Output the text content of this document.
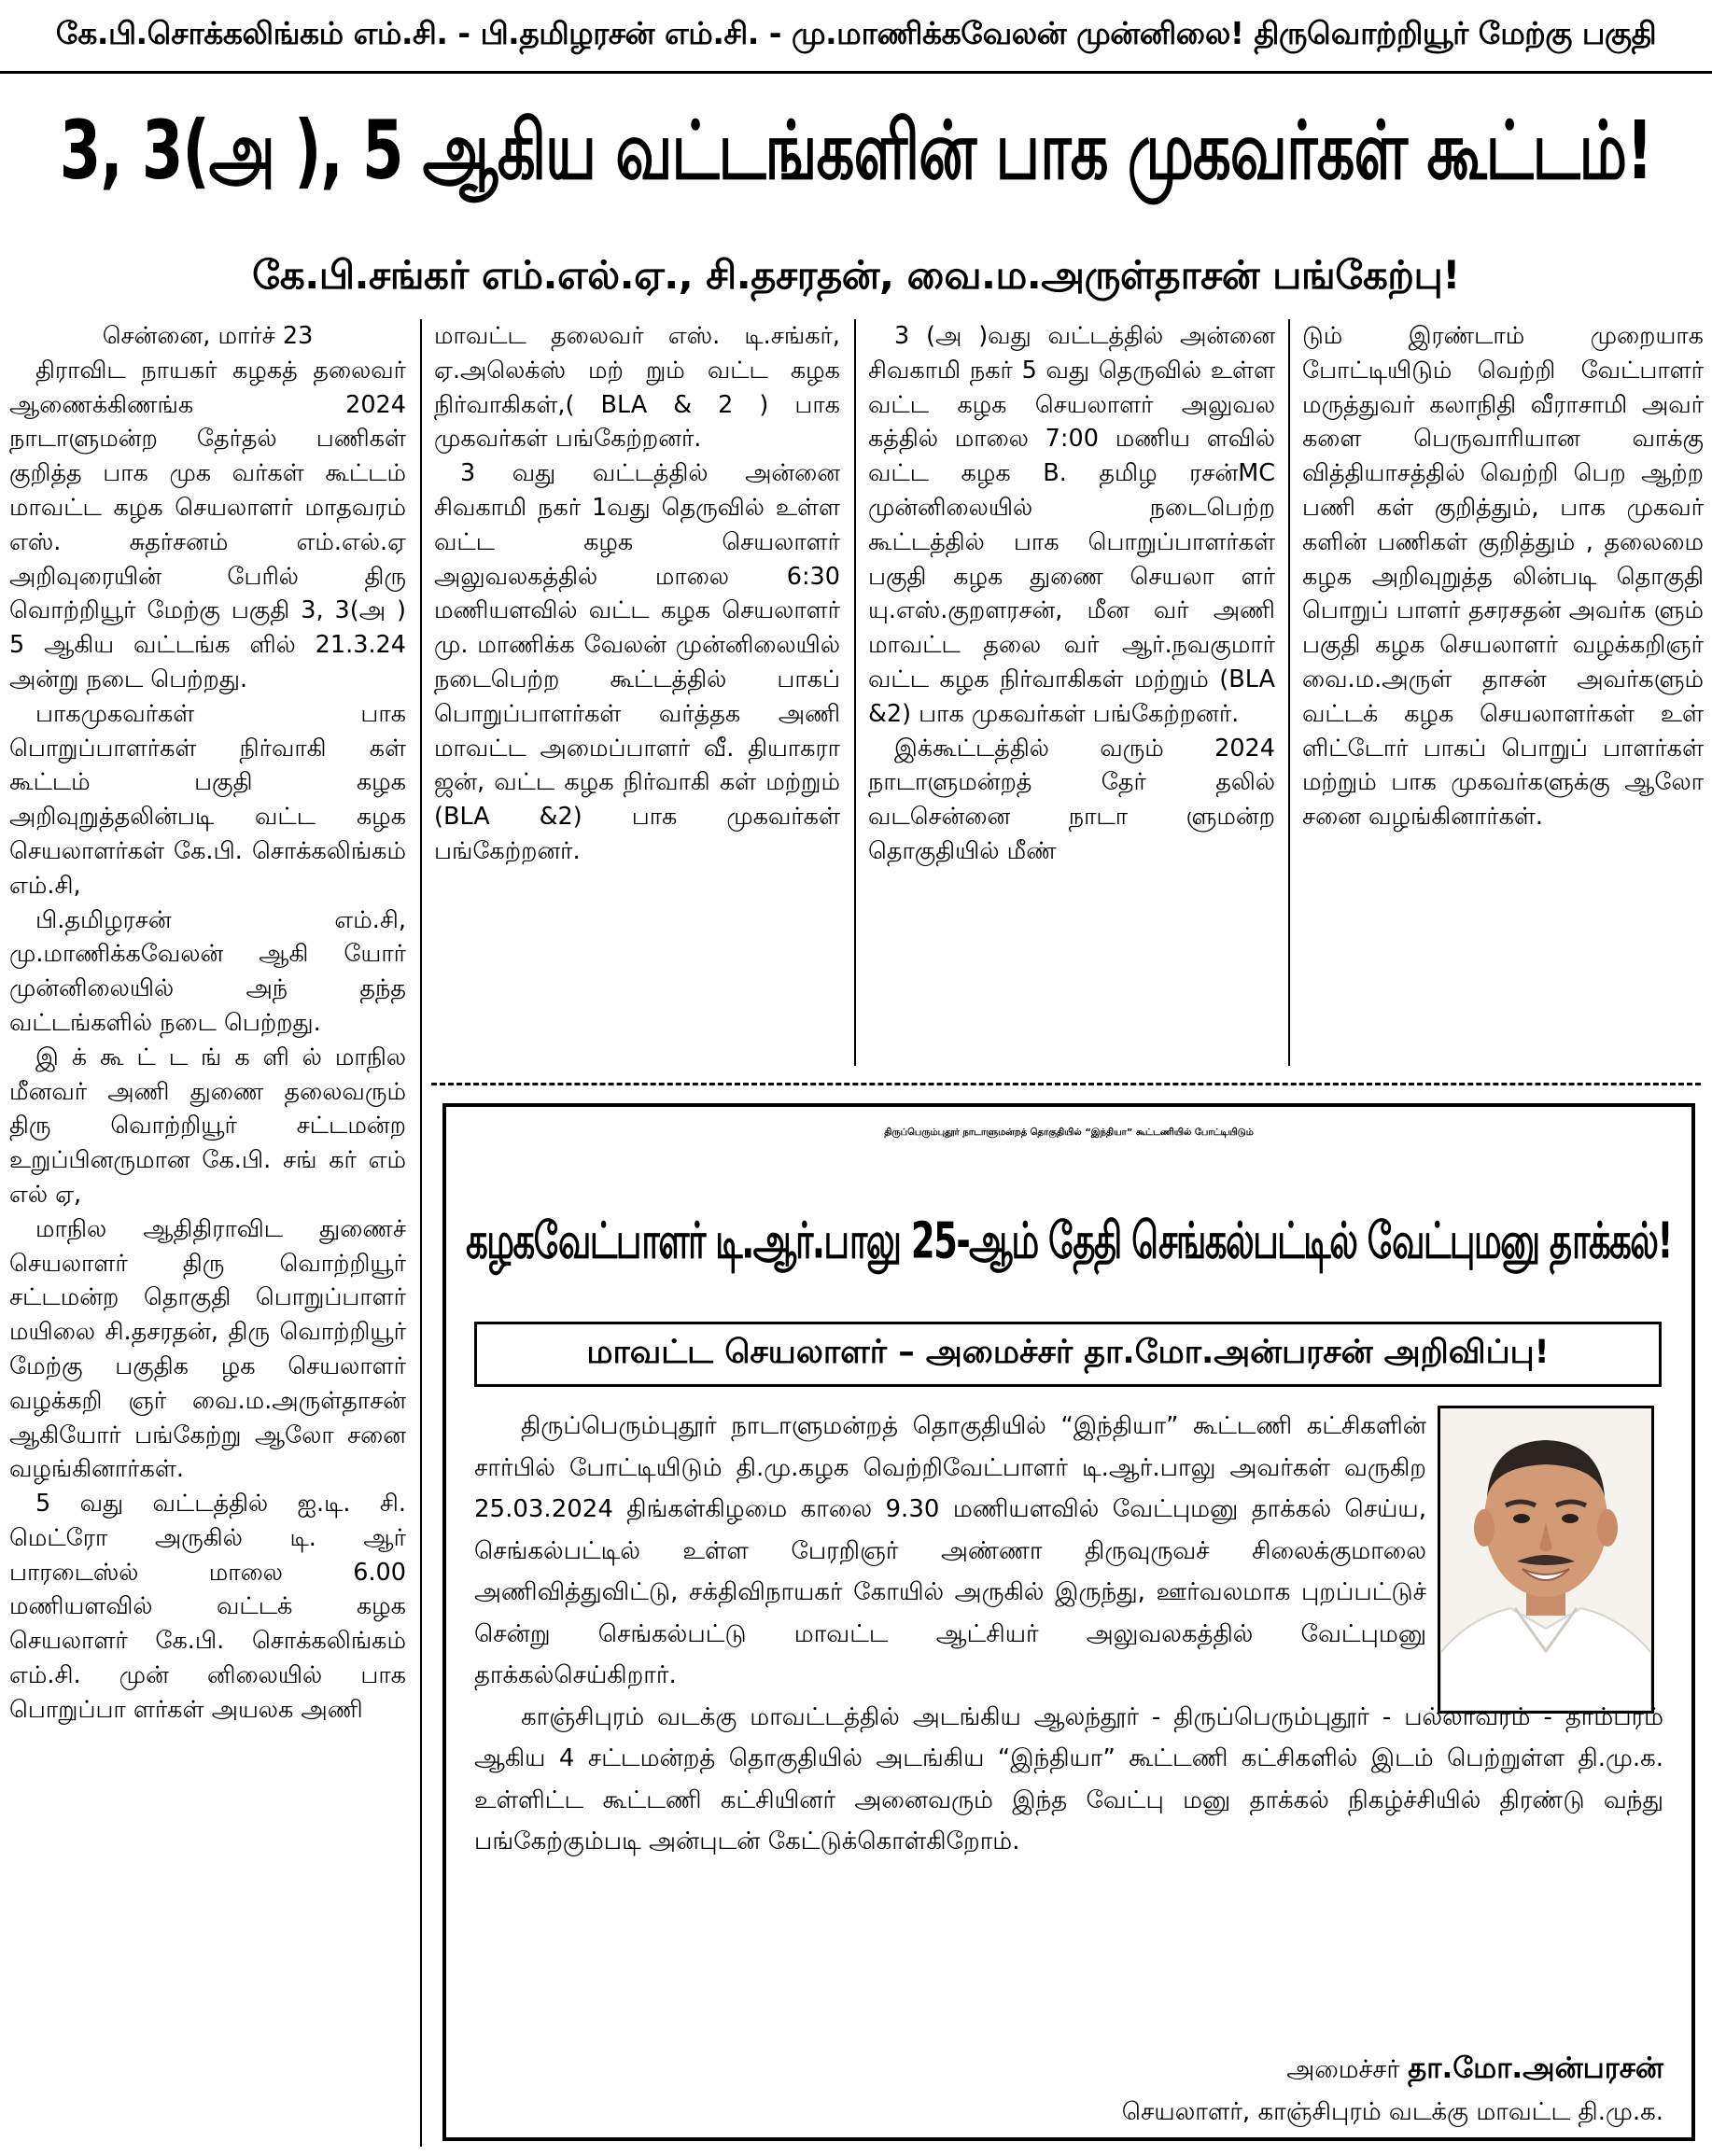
கே.பி.சொக்கலிங்கம் எம்.சி. - பி.தமிழரசன் எம்.சி. - மு.மாணிக்கவேலன் முன்னிலை! திருவொற்றியூர் மேற்கு பகுதி
3, 3(அ ), 5 ஆகிய வட்டங்களின் பாக முகவர்கள் கூட்டம்!
கே.பி.சங்கர் எம்.எல்.ஏ., சி.தசரதன், வை.ம.அருள்தாசன் பங்கேற்பு!

சென்னை, மார்ச் 23

திராவிட நாயகர் கழகத் தலைவர் ஆணைக்கிணங்க 2024 நாடாளுமன்ற தேர்தல் பணிகள் குறித்த பாக முக வர்கள் கூட்டம் மாவட்ட கழக செயலாளர் மாதவரம் எஸ். சுதர்சனம் எம்.எல்.ஏ அறிவுரையின் பேரில் திரு வொற்றியூர் மேற்கு பகுதி 3, 3(அ ) 5 ஆகிய வட்டங்க ளில் 21.3.24 அன்று நடை பெற்றது.

பாகமுகவர்கள் பாக பொறுப்பாளர்கள் நிர்வாகி கள் கூட்டம் பகுதி கழக அறிவுறுத்தலின்படி வட்ட கழக செயலாளர்கள் கே.பி. சொக்கலிங்கம் எம்.சி,

பி.தமிழரசன் எம்.சி, மு.மாணிக்கவேலன் ஆகி யோர் முன்னிலையில் அந் தந்த வட்டங்களில் நடை பெற்றது.

இ க் கூ ட் ட ங் க ளி ல் மாநில மீனவர் அணி துணை தலைவரும் திரு வொற்றியூர் சட்டமன்ற உறுப்பினருமான கே.பி. சங் கர் எம் எல் ஏ,

மாநில ஆதிதிராவிட துணைச் செயலாளர் திரு வொற்றியூர் சட்டமன்ற தொகுதி பொறுப்பாளர் மயிலை சி.தசரதன், திரு வொற்றியூர் மேற்கு பகுதிக ழக செயலாளர் வழக்கறி ஞர் வை.ம.அருள்தாசன் ஆகியோர் பங்கேற்று ஆலோ சனை வழங்கினார்கள்.

5 வது வட்டத்தில் ஐ.டி. சி. மெட்ரோ அருகில் டி. ஆர் பாரடைஸ்ல் மாலை 6.00 மணியளவில் வட்டக் கழக செயலாளர் கே.பி. சொக்கலிங்கம் எம்.சி. முன் னிலையில் பாக பொறுப்பா ளர்கள் அயலக அணி

மாவட்ட தலைவர் எஸ். டி.சங்கர், ஏ.அலெக்ஸ் மற் றும் வட்ட கழக நிர்வாகிகள்,( BLA & 2 ) பாக முகவர்கள் பங்கேற்றனர்.

3 வது வட்டத்தில் அன்னை சிவகாமி நகர் 1வது தெருவில் உள்ள வட்ட கழக செயலாளர் அலுவலகத்தில் மாலை 6:30 மணியளவில் வட்ட கழக செயலாளர் மு. மாணிக்க வேலன் முன்னிலையில் நடைபெற்ற கூட்டத்தில் பாகப் பொறுப்பாளர்கள் வர்த்தக அணி மாவட்ட அமைப்பாளர் வீ. தியாகரா ஜன், வட்ட கழக நிர்வாகி கள் மற்றும் (BLA &2) பாக முகவர்கள் பங்கேற்றனர்.

3 (அ )வது வட்டத்தில் அன்னை சிவகாமி நகர் 5 வது தெருவில் உள்ள வட்ட கழக செயலாளர் அலுவல கத்தில் மாலை 7:00 மணிய ளவில் வட்ட கழக B. தமிழ ரசன்MC முன்னிலையில் நடைபெற்ற கூட்டத்தில் பாக பொறுப்பாளர்கள் பகுதி கழக துணை செயலா ளர் யு.எஸ்.குறளரசன், மீன வர் அணி மாவட்ட தலை வர் ஆர்.நவகுமார் வட்ட கழக நிர்வாகிகள் மற்றும் (BLA &2) பாக முகவர்கள் பங்கேற்றனர்.

இக்கூட்டத்தில் வரும் 2024 நாடாளுமன்றத் தேர் தலில் வடசென்னை நாடா ளுமன்ற தொகுதியில் மீண்

டும் இரண்டாம் முறையாக போட்டியிடும் வெற்றி வேட்பாளர் மருத்துவர் கலாநிதி வீராசாமி அவர் களை பெருவாரியான வாக்கு வித்தியாசத்தில் வெற்றி பெற ஆற்ற பணி கள் குறித்தும், பாக முகவர் களின் பணிகள் குறித்தும் , தலைமை கழக அறிவுறுத்த லின்படி தொகுதி பொறுப் பாளர் தசரசதன் அவர்க ளும் பகுதி கழக செயலாளர் வழக்கறிஞர் வை.ம.அருள் தாசன் அவர்களும் வட்டக் கழக செயலாளர்கள் உள் ளிட்டோர் பாகப் பொறுப் பாளர்கள் மற்றும் பாக முகவர்களுக்கு ஆலோ சனை வழங்கினார்கள்.

திருப்பெரும்புதூர் நாடாளுமன்றத் தொகுதியில் “இந்தியா” கூட்டணியில் போட்டியிடும்
கழகவேட்பாளர் டி.ஆர்.பாலு 25-ஆம் தேதி செங்கல்பட்டில் வேட்புமனு தாக்கல்!
மாவட்ட செயலாளர் – அமைச்சர் தா.மோ.அன்பரசன் அறிவிப்பு!

திருப்பெரும்புதூர் நாடாளுமன்றத் தொகுதியில் “இந்தியா” கூட்டணி கட்சிகளின் சார்பில் போட்டியிடும் தி.மு.கழக வெற்றிவேட்பாளர் டி.ஆர்.பாலு அவர்கள் வருகிற 25.03.2024 திங்கள்கிழமை காலை 9.30 மணியளவில் வேட்புமனு தாக்கல் செய்ய, செங்கல்பட்டில் உள்ள பேரறிஞர் அண்ணா திருவுருவச் சிலைக்குமாலை அணிவித்துவிட்டு, சக்திவிநாயகர் கோயில் அருகில் இருந்து, ஊர்வலமாக புறப்பட்டுச் சென்று செங்கல்பட்டு மாவட்ட ஆட்சியர் அலுவலகத்தில் வேட்புமனு தாக்கல்செய்கிறார்.

காஞ்சிபுரம் வடக்கு மாவட்டத்தில் அடங்கிய ஆலந்தூர் - திருப்பெரும்புதூர் - பல்லாவரம் - தாம்பரம் ஆகிய 4 சட்டமன்றத் தொகுதியில் அடங்கிய “இந்தியா” கூட்டணி கட்சிகளில் இடம் பெற்றுள்ள தி.மு.க. உள்ளிட்ட கூட்டணி கட்சியினர் அனைவரும் இந்த வேட்பு மனு தாக்கல் நிகழ்ச்சியில் திரண்டு வந்து பங்கேற்கும்படி அன்புடன் கேட்டுக்கொள்கிறோம்.

அமைச்சர் தா.மோ.அன்பரசன்
செயலாளர், காஞ்சிபுரம் வடக்கு மாவட்ட தி.மு.க.
